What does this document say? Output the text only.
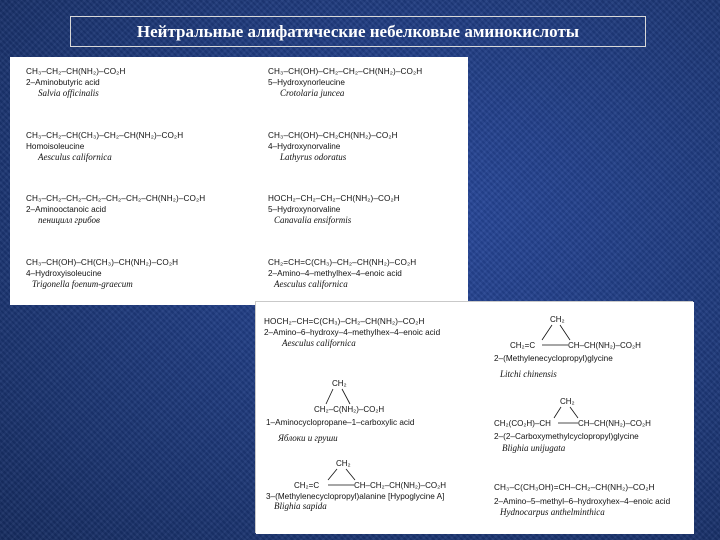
Нейтральные алифатические небелковые аминокислоты
CH₃–CH₂–CH(NH₂)–CO₂H
2–Aminobutyric acid
Salvia officinalis
CH₃–CH(OH)–CH₂–CH₂–CH(NH₂)–CO₂H
5–Hydroxynorleucine
Crotolaria juncea
CH₃–CH₂–CH(CH₃)–CH₂–CH(NH₂)–CO₂H
Homoisoleucine
Aesculus californica
CH₃–CH(OH)–CH₂CH(NH₂)–CO₂H
4–Hydroxynorvaline
Lathyrus odoratus
CH₃–CH₂–CH₂–CH₂–CH₂–CH₂–CH(NH₂)–CO₂H
2–Aminooctanoic acid
пеницилл грибов
HOCH₂–CH₂–CH₂–CH(NH₂)–CO₂H
5–Hydroxynorvaline
Canavalia ensiformis
CH₃–CH(OH)–CH(CH₃)–CH(NH₂)–CO₂H
4–Hydroxyisoleucine
Trigonella foenum-graecum
CH₂=CH=C(CH₃)–CH₂–CH(NH₂)–CO₂H
2–Amino–4–methylhex–4–enoic acid
Aesculus californica
HOCH₂–CH=C(CH₃)–CH₂–CH(NH₂)–CO₂H
2–Amino–6–hydroxy–4–methylhex–4–enoic acid
Aesculus californica
CH₂
CH₂=C	CH–CH(NH₂)–CO₂H
2–(Methylenecyclopropyl)glycine
Litchi chinensis
CH₂
CH₂–C(NH₂)–CO₂H
1–Aminocyclopropane–1–carboxylic acid
Яблоки и груши
CH₂
CH₂(CO₂H)–CH	CH–CH(NH₂)–CO₂H
2–(2–Carboxymethylcyclopropyl)glycine
Blighia unijugata
CH₂
CH₂=C	CH–CH₂–CH(NH₂)–CO₂H
3–(Methylenecyclopropyl)alanine [Hypoglycine A]
Blighia sapida
CH₃–C(CH₃OH)=CH–CH₂–CH(NH₂)–CO₂H
2–Amino–5–methyl–6–hydroxyhex–4–enoic acid
Hydnocarpus anthelminthica
